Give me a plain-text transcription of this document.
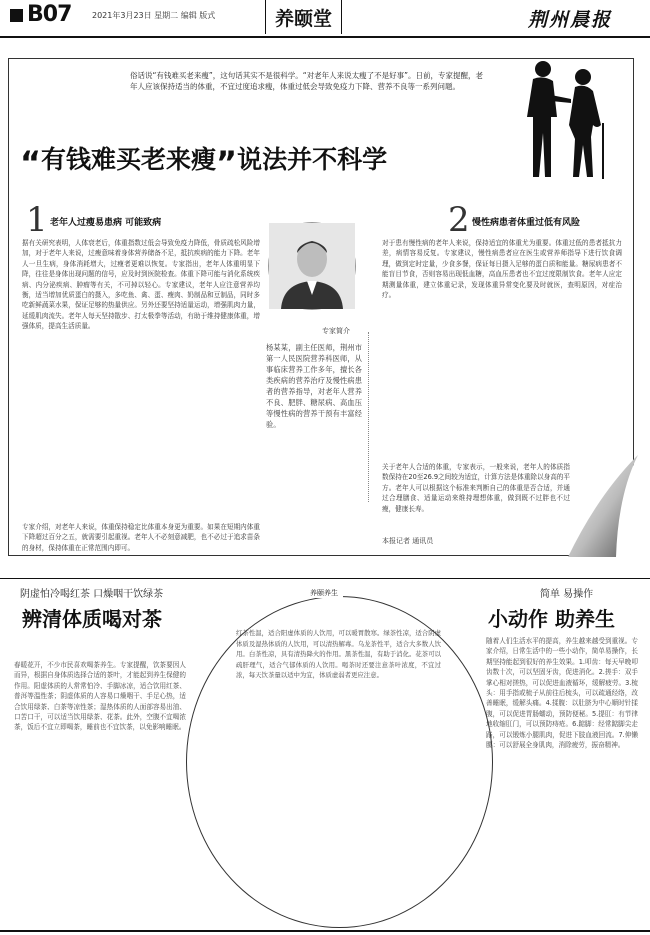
B07	2021年3月23日 星期二 编辑 版式	养颐堂	荆州晨报
俗话说“有钱难买老来瘦”，这句话其实不是很科学。“对老年人来说太瘦了不是好事”。日前，专家提醒，老年人应该保持适当的体重，不宜过度追求瘦，体重过低会导致免疫力下降、营养不良等一系列问题。
“有钱难买老来瘦”说法并不科学
1 老年人过瘦易患病 可能致病
据有关研究表明，人体衰老后，体重指数过低会导致免疫力降低，骨质疏松风险增加，对于老年人来说，过瘦意味着身体营养储备不足，抵抗疾病的能力下降。老年人一旦生病，身体消耗增大，过瘦者更难以恢复。专家指出，老年人体重明显下降，往往是身体出现问题的信号，应及时到医院检查。体重下降可能与消化系统疾病、内分泌疾病、肿瘤等有关，不可掉以轻心。专家建议，老年人应注意营养均衡，适当增加优质蛋白的摄入，多吃鱼、禽、蛋、瘦肉、奶制品和豆制品，同时多吃新鲜蔬菜水果，保证足够的热量供应。另外还要坚持适量运动，增强肌肉力量，延缓肌肉流失。老年人每天坚持散步、打太极拳等活动，有助于维持健康体重，增强体质，提高生活质量。
专家简介
杨某某，副主任医师，荆州市第一人民医院营养科医师，从事临床营养工作多年，擅长各类疾病的营养治疗及慢性病患者的营养指导，对老年人营养不良、肥胖、糖尿病、高血压等慢性病的营养干预有丰富经验。
专家介绍，对老年人来说，体重保持稳定比体重本身更为重要。如果在短期内体重下降超过百分之五，就需要引起重视。老年人不必刻意减肥，也不必过于追求苗条的身材，保持体重在正常范围内即可。
2 慢性病患者体重过低有风险
对于患有慢性病的老年人来说，保持适宜的体重尤为重要。体重过低的患者抵抗力差，病情容易反复。专家建议，慢性病患者应在医生或营养师指导下进行饮食调理，做到定时定量，少食多餐，保证每日摄入足够的蛋白质和能量。糖尿病患者不能盲目节食，否则容易出现低血糖，高血压患者也不宜过度限制饮食。老年人应定期测量体重，建立体重记录，发现体重异常变化要及时就医，查明原因，对症治疗。
关于老年人合适的体重，专家表示，一般来说，老年人的体质指数保持在20至26.9之间较为适宜，计算方法是体重除以身高的平方。老年人可以根据这个标准来判断自己的体重是否合适，并通过合理膳食、适量运动来维持理想体重，做到既不过胖也不过瘦，健康长寿。
本报记者 通讯员
阴虚怕冷喝红茶 口燥咽干饮绿茶
辨清体质喝对茶
春暖花开，不少市民喜欢喝茶养生。专家提醒，饮茶要因人而异，根据自身体质选择合适的茶叶，才能起到养生保健的作用。阳虚体质的人常常怕冷、手脚冰凉，适合饮用红茶、普洱等温性茶；阴虚体质的人容易口燥咽干、手足心热，适合饮用绿茶、白茶等凉性茶；湿热体质的人面部容易出油、口苦口干，可以适当饮用绿茶、花茶。此外，空腹不宜喝浓茶，饭后不宜立即喝茶，睡前也不宜饮茶，以免影响睡眠。
养颐养生
红茶性温，适合阳虚体质的人饮用，可以暖胃散寒。绿茶性凉，适合阴虚体质及湿热体质的人饮用，可以清热解毒。乌龙茶性平，适合大多数人饮用。白茶性凉，具有清热降火的作用。黑茶性温，有助于消化。花茶可以疏肝理气，适合气郁体质的人饮用。喝茶时还要注意茶叶浓度，不宜过浓，每天饮茶量以适中为宜，体质虚弱者更应注意。
简单 易操作
小动作 助养生
随着人们生活水平的提高，养生越来越受到重视。专家介绍，日常生活中的一些小动作，简单易操作，长期坚持能起到很好的养生效果。1.叩齿：每天早晚叩齿数十次，可以坚固牙齿，促进消化。2.搓手：双手掌心相对搓热，可以促进血液循环，缓解疲劳。3.梳头：用手指或梳子从前往后梳头，可以疏通经络，改善睡眠，缓解头痛。4.揉腹：以肚脐为中心顺时针揉腹，可以促进胃肠蠕动，预防便秘。5.提肛：有节律地收缩肛门，可以预防痔疮。6.踮脚：经常踮脚尖走路，可以锻炼小腿肌肉，促进下肢血液回流。7.伸懒腰：可以舒展全身肌肉，消除疲劳，振奋精神。
